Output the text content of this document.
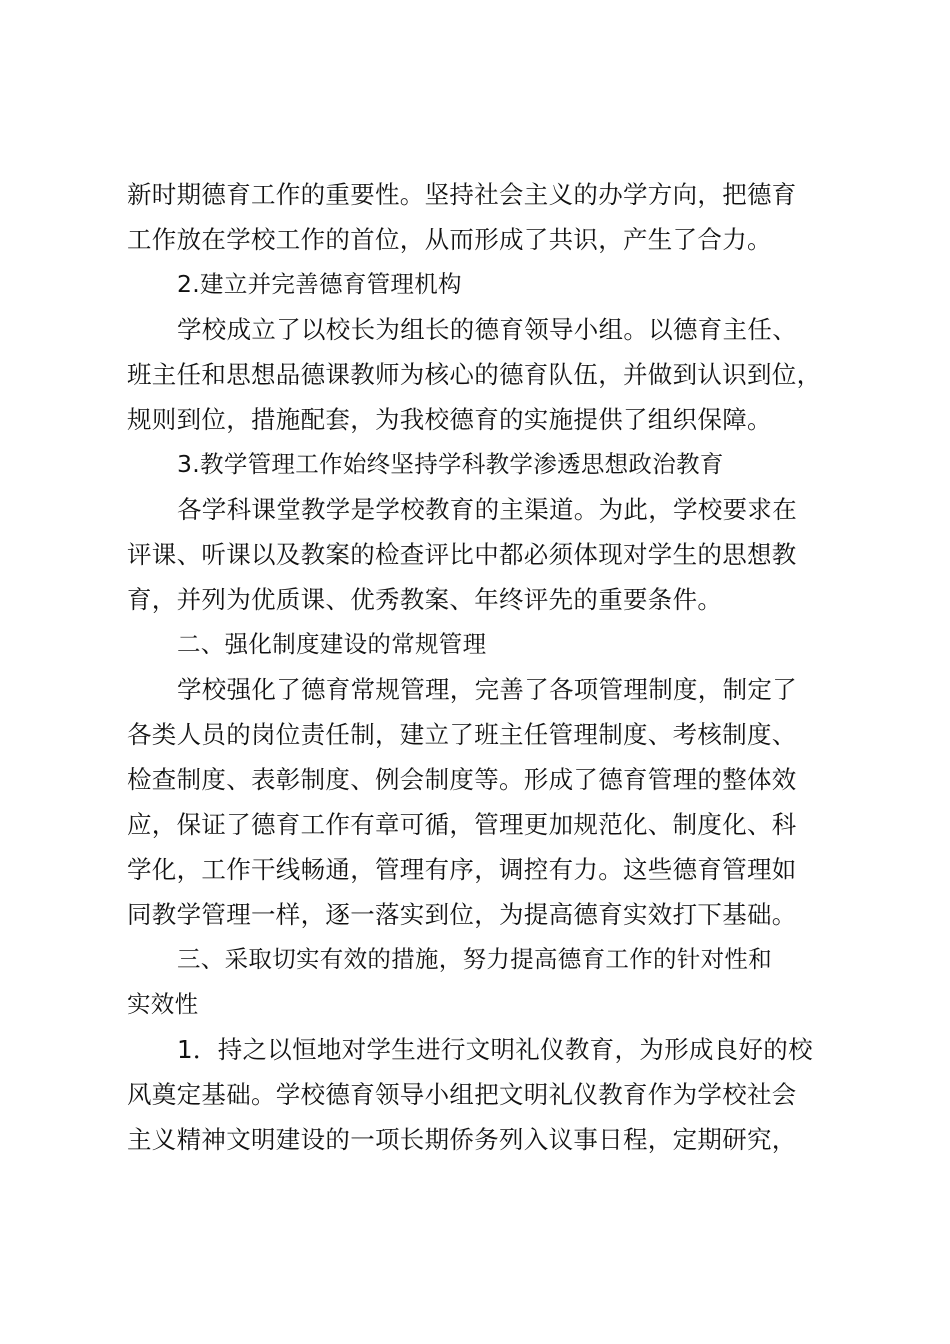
新时期德育工作的重要性。坚持社会主义的办学方向，把德育
工作放在学校工作的首位，从而形成了共识，产生了合力。
2.建立并完善德育管理机构
学校成立了以校长为组长的德育领导小组。以德育主任、
班主任和思想品德课教师为核心的德育队伍，并做到认识到位，
规则到位，措施配套，为我校德育的实施提供了组织保障。
3.教学管理工作始终坚持学科教学渗透思想政治教育
各学科课堂教学是学校教育的主渠道。为此，学校要求在
评课、听课以及教案的检查评比中都必须体现对学生的思想教
育，并列为优质课、优秀教案、年终评先的重要条件。
二、强化制度建设的常规管理
学校强化了德育常规管理，完善了各项管理制度，制定了
各类人员的岗位责任制，建立了班主任管理制度、考核制度、
检查制度、表彰制度、例会制度等。形成了德育管理的整体效
应，保证了德育工作有章可循，管理更加规范化、制度化、科
学化，工作干线畅通，管理有序，调控有力。这些德育管理如
同教学管理一样，逐一落实到位，为提高德育实效打下基础。
三、采取切实有效的措施，努力提高德育工作的针对性和
实效性
1．持之以恒地对学生进行文明礼仪教育，为形成良好的校
风奠定基础。学校德育领导小组把文明礼仪教育作为学校社会
主义精神文明建设的一项长期侨务列入议事日程，定期研究，
